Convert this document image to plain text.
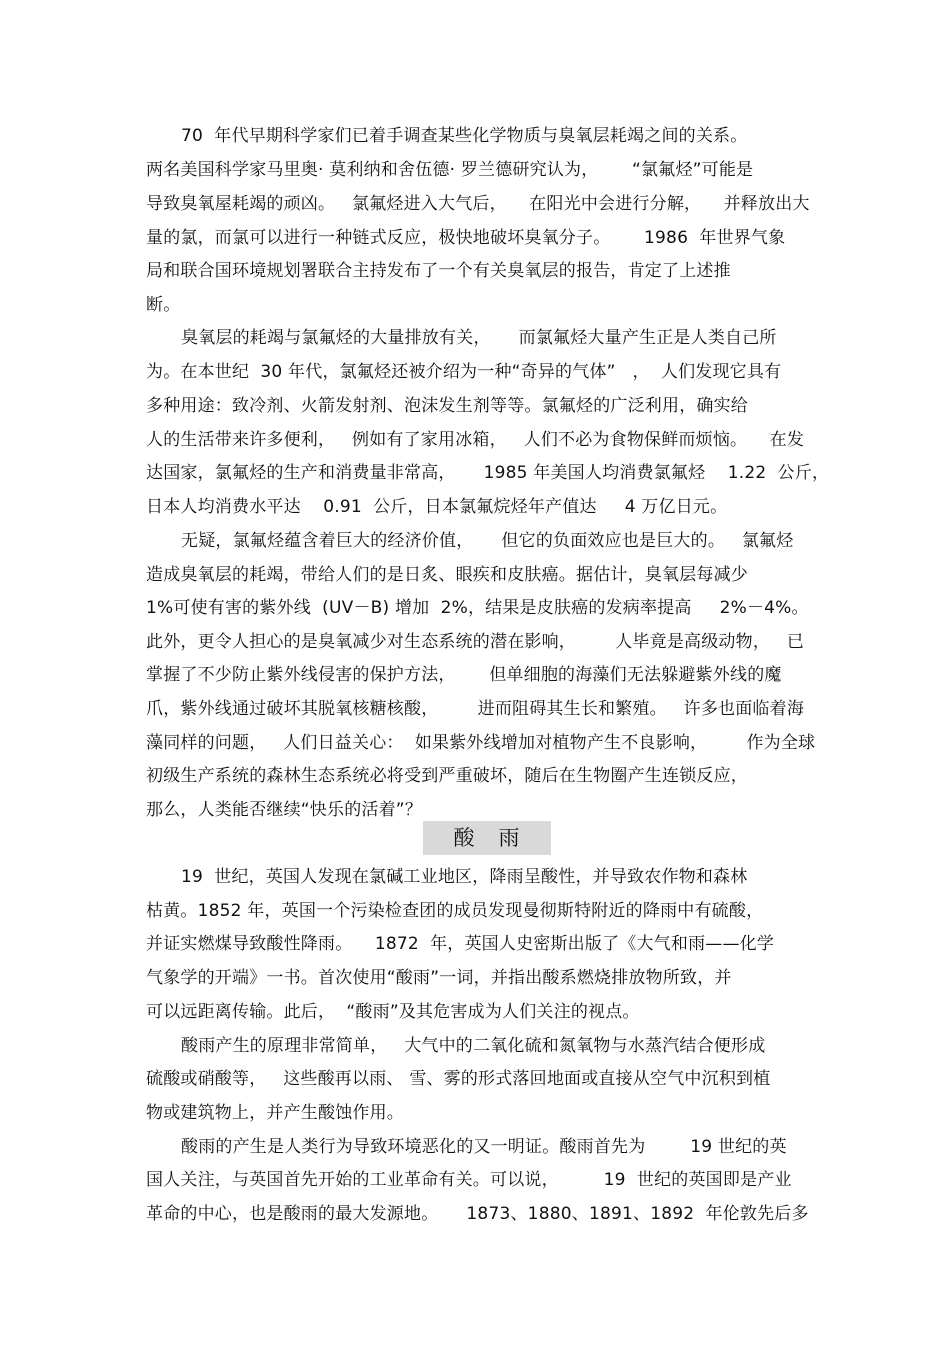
70  年代早期科学家们已着手调查某些化学物质与臭氧层耗竭之间的关系。
两名美国科学家马里奥· 莫利纳和舍伍德· 罗兰德研究认为，      “氯氟烃”可能是
导致臭氧屋耗竭的顽凶。   氯氟烃进入大气后，    在阳光中会进行分解，    并释放出大
量的氯，而氯可以进行一种链式反应，极快地破坏臭氧分子。      1986  年世界气象
局和联合国环境规划署联合主持发布了一个有关臭氧层的报告，肯定了上述推
断。
臭氧层的耗竭与氯氟烃的大量排放有关，     而氯氟烃大量产生正是人类自己所
为。在本世纪  30 年代，氯氟烃还被介绍为一种“奇异的气体”   ，  人们发现它具有
多种用途：致冷剂、火箭发射剂、泡沫发生剂等等。氯氟烃的广泛利用，确实给
人的生活带来许多便利，   例如有了家用冰箱，   人们不必为食物保鲜而烦恼。    在发
达国家，氯氟烃的生产和消费量非常高，     1985 年美国人均消费氯氟烃    1.22  公斤，
日本人均消费水平达    0.91  公斤，日本氯氟烷烃年产值达     4 万亿日元。
无疑，氯氟烃蕴含着巨大的经济价值，     但它的负面效应也是巨大的。   氯氟烃
造成臭氧层的耗竭，带给人们的是日炙、眼疾和皮肤癌。据估计，臭氧层每减少
1%可使有害的紫外线  (UV－B) 增加  2%，结果是皮肤癌的发病率提高     2%－4%。
此外，更令人担心的是臭氧减少对生态系统的潜在影响，       人毕竟是高级动物，   已
掌握了不少防止紫外线侵害的保护方法，      但单细胞的海藻们无法躲避紫外线的魔
爪，紫外线通过破坏其脱氧核糖核酸，       进而阻碍其生长和繁殖。   许多也面临着海
藻同样的问题，   人们日益关心：  如果紫外线增加对植物产生不良影响，       作为全球
初级生产系统的森林生态系统必将受到严重破坏，随后在生物圈产生连锁反应，
那么，人类能否继续“快乐的活着”？
酸   雨
19  世纪，英国人发现在氯碱工业地区，降雨呈酸性，并导致农作物和森林
枯黄。1852 年，英国一个污染检查团的成员发现曼彻斯特附近的降雨中有硫酸，
并证实燃煤导致酸性降雨。    1872  年，英国人史密斯出版了《大气和雨——化学
气象学的开端》一书。首次使用“酸雨”一词，并指出酸系燃烧排放物所致，并
可以远距离传输。此后，  “酸雨”及其危害成为人们关注的视点。
酸雨产生的原理非常简单，   大气中的二氧化硫和氮氧物与水蒸汽结合便形成
硫酸或硝酸等，   这些酸再以雨、 雪、雾的形式落回地面或直接从空气中沉积到植
物或建筑物上，并产生酸蚀作用。
酸雨的产生是人类行为导致环境恶化的又一明证。酸雨首先为        19 世纪的英
国人关注，与英国首先开始的工业革命有关。可以说，        19  世纪的英国即是产业
革命的中心，也是酸雨的最大发源地。     1873、1880、1891、1892  年伦敦先后多
